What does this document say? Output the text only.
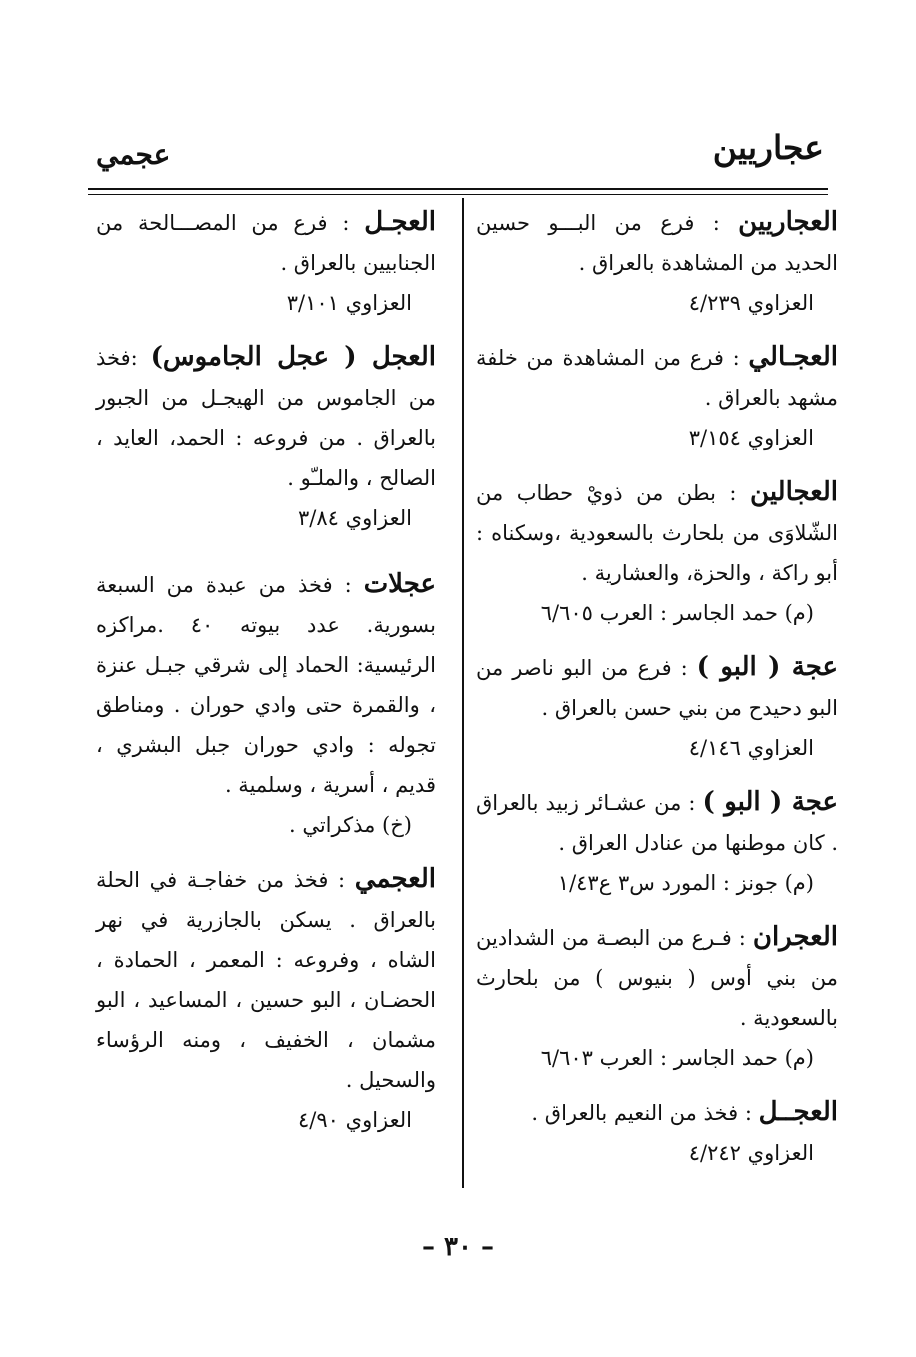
عجاريين
عجمي

العجاريين : فرع من البـــو حسين الحديد من المشاهدة بالعراق .

العزاوي ٤/٢٣٩

العجـالي : فرع من المشاهدة من خلفة مشهد بالعراق .

العزاوي ٣/١٥٤

العجالين : بطن من ذويْ حطاب من الشّلاوَى من بلحارث بالسعودية ،وسكناه : أبو راكة ، والحزة، والعشارية .

(م) حمد الجاسر : العرب ٦/٦٠٥

عجة ( البو ) : فرع من البو ناصر من البو دحيدح من بني حسن بالعراق .

العزاوي ٤/١٤٦

عجة ( البو ) : من عشـائر زبيد بالعراق . كان موطنها من عنادل العراق .

(م) جونز : المورد س٣ ع١/٤٣

العجران : فـرع من البصـة من الشدادين من بني أوس ( بنيوس ) من بلحارث بالسعودية .

(م) حمد الجاسر : العرب ٦/٦٠٣

العجــل : فخذ من النعيم بالعراق .

العزاوي ٤/٢٤٢

العجـل : فرع من المصـــالحة من الجنابيين بالعراق .

العزاوي ٣/١٠١

العجل ( عجل الجاموس) :فخذ من الجاموس من الهيجـل من الجبور بالعراق . من فروعه : الحمد، العايد ، الصالح ، والملـّو .

العزاوي ٣/٨٤

عجلات : فخذ من عبدة من السبعة بسورية. عدد بيوته ٤٠ .مراكزه الرئيسية: الحماد إلى شرقي جبـل عنزة ، والقمرة حتى وادي حوران . ومناطق تجوله : وادي حوران جبل البشري ، قديم ، أسرية ، وسلمية .

(خ) مذكراتي .

العجمي : فخذ من خفاجـة في الحلة بالعراق . يسكن بالجازرية في نهر الشاه ، وفروعه : المعمر ، الحمادة ، الحضـان ، البو حسين ، المساعيد ، البو مشمان ، الخفيف ، ومنه الرؤساء والسحيل .

العزاوي ٤/٩٠

– ٣٠ –
